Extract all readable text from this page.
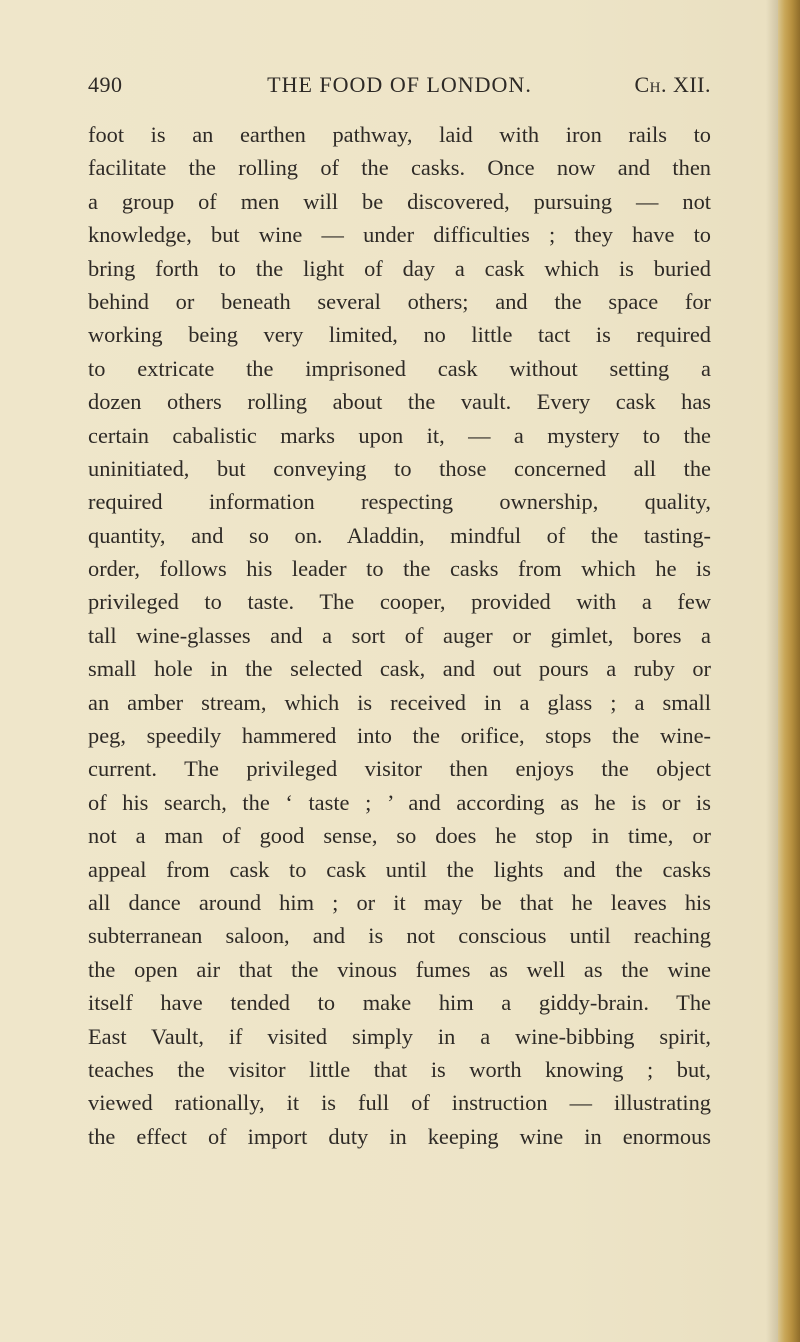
490	THE FOOD OF LONDON.	Ch. XII.
foot is an earthen pathway, laid with iron rails to
facilitate the rolling of the casks. Once now and then
a group of men will be discovered, pursuing — not
knowledge, but wine — under difficulties ; they have to
bring forth to the light of day a cask which is buried
behind or beneath several others; and the space for
working being very limited, no little tact is required
to extricate the imprisoned cask without setting a
dozen others rolling about the vault. Every cask has
certain cabalistic marks upon it, — a mystery to the
uninitiated, but conveying to those concerned all the
required information respecting ownership, quality,
quantity, and so on. Aladdin, mindful of the tasting-
order, follows his leader to the casks from which he is
privileged to taste. The cooper, provided with a few
tall wine-glasses and a sort of auger or gimlet, bores a
small hole in the selected cask, and out pours a ruby or
an amber stream, which is received in a glass ; a small
peg, speedily hammered into the orifice, stops the wine-
current. The privileged visitor then enjoys the object
of his search, the ‘ taste ; ’ and according as he is or is
not a man of good sense, so does he stop in time, or
appeal from cask to cask until the lights and the casks
all dance around him ; or it may be that he leaves his
subterranean saloon, and is not conscious until reaching
the open air that the vinous fumes as well as the wine
itself have tended to make him a giddy-brain. The
East Vault, if visited simply in a wine-bibbing spirit,
teaches the visitor little that is worth knowing ; but,
viewed rationally, it is full of instruction — illustrating
the effect of import duty in keeping wine in enormous
